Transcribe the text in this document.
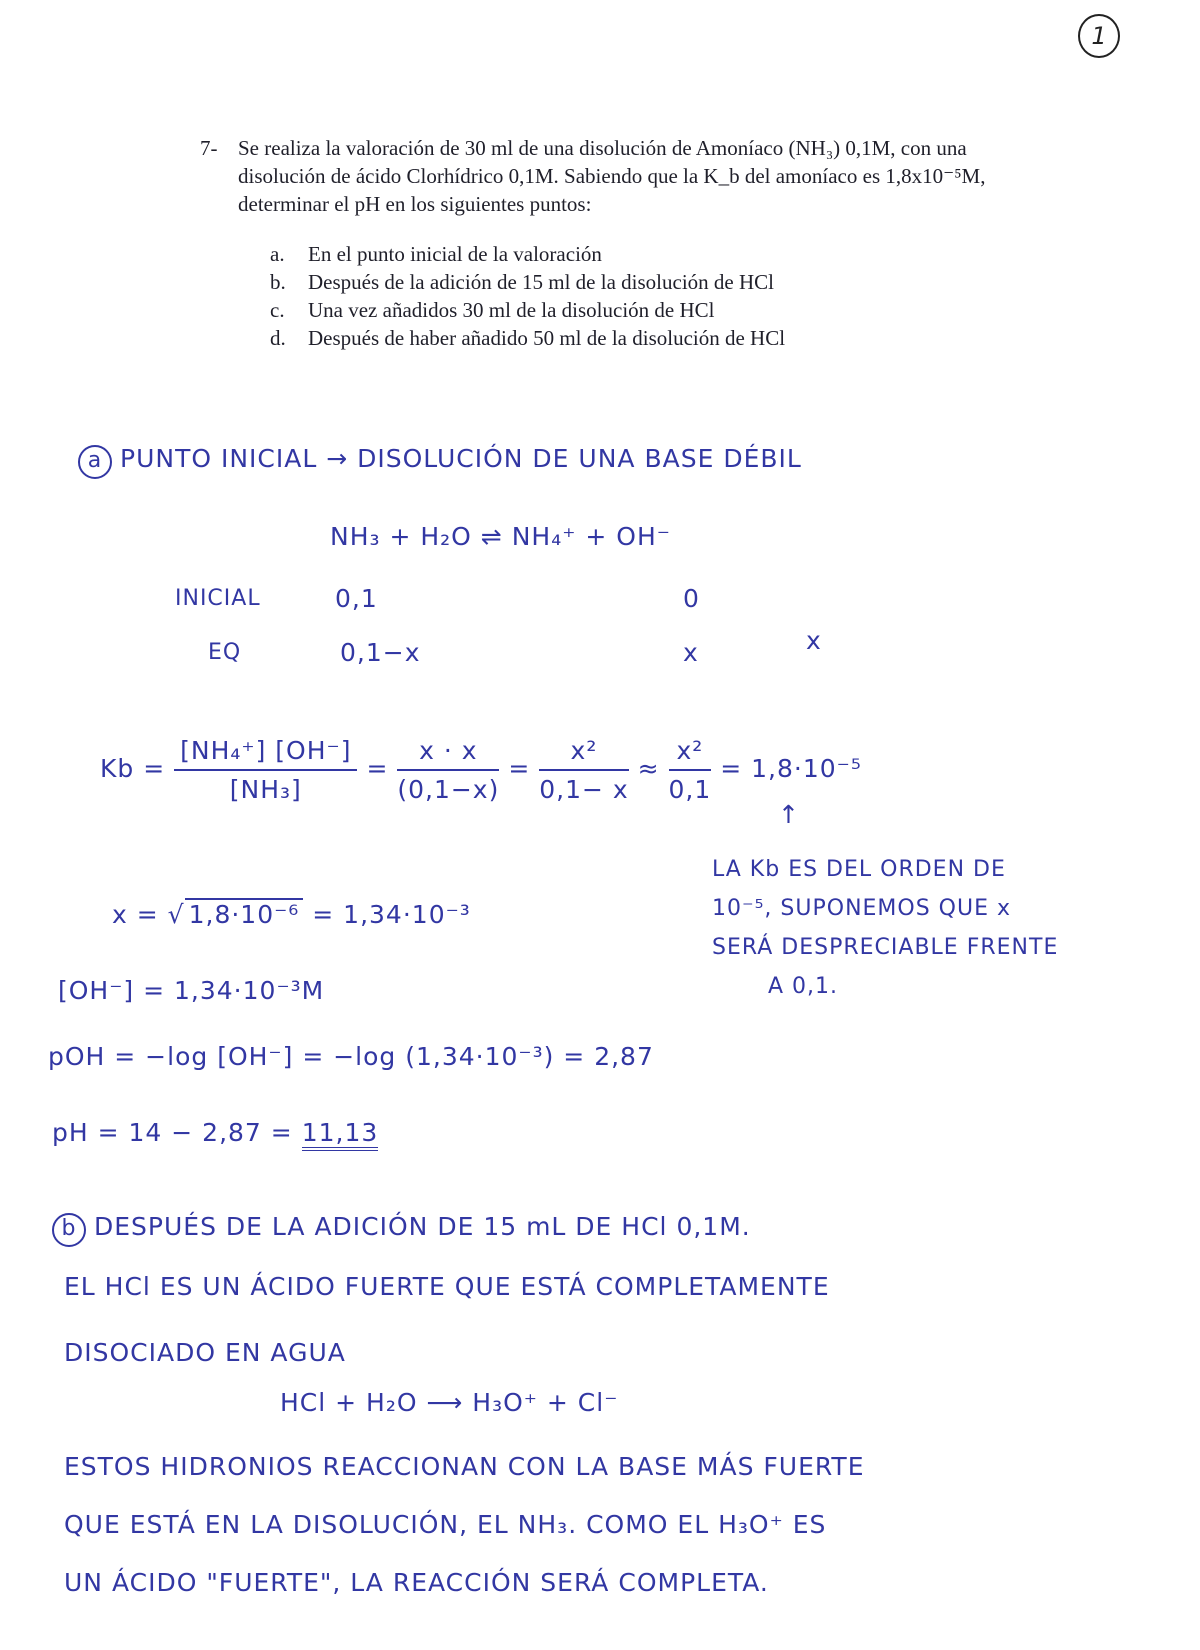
1
7- Se realiza la valoración de 30 ml de una disolución de Amoníaco (NH₃) 0,1M, con una disolución de ácido Clorhídrico 0,1M. Sabiendo que la K_b del amoníaco es 1,8x10⁻⁵M, determinar el pH en los siguientes puntos:
a. En el punto inicial de la valoración
b. Después de la adición de 15 ml de la disolución de HCl
c. Una vez añadidos 30 ml de la disolución de HCl
d. Después de haber añadido 50 ml de la disolución de HCl
a PUNTO INICIAL → DISOLUCIÓN DE UNA BASE DÉBIL
NH₃ + H₂O ⇌ NH₄⁺ + OH⁻
INICIAL	0,1	0
EQ	0,1−x	x	x
$Kb = \frac{\text{[NH₄⁺] [OH⁻]}}{\text{[NH₃]}} = \frac{x \cdot x}{(0,1-x)} = \frac{\text{x²}}{0,1- x} \approx \frac{\text{x²}}{0,1} = 1,8\cdot 10^{-5}$
↑
LA Kb ES DEL ORDEN DE
10⁻⁵, SUPONEMOS QUE x
SERÁ DESPRECIABLE FRENTE
A 0,1.
x = √ 1,8·10⁻⁶ = 1,34·10⁻³
[OH⁻] = 1,34·10⁻³M
pOH = −log [OH⁻] = −log (1,34·10⁻³) = 2,87
pH = 14 − 2,87 = 11,13
b DESPUÉS DE LA ADICIÓN DE 15 mL DE HCl 0,1M.
EL HCl ES UN ÁCIDO FUERTE QUE ESTÁ COMPLETAMENTE
DISOCIADO EN AGUA
HCl + H₂O ⟶ H₃O⁺ + Cl⁻
ESTOS HIDRONIOS REACCIONAN CON LA BASE MÁS FUERTE
QUE ESTÁ EN LA DISOLUCIÓN, EL NH₃. COMO EL H₃O⁺ ES
UN ÁCIDO "FUERTE", LA REACCIÓN SERÁ COMPLETA.
